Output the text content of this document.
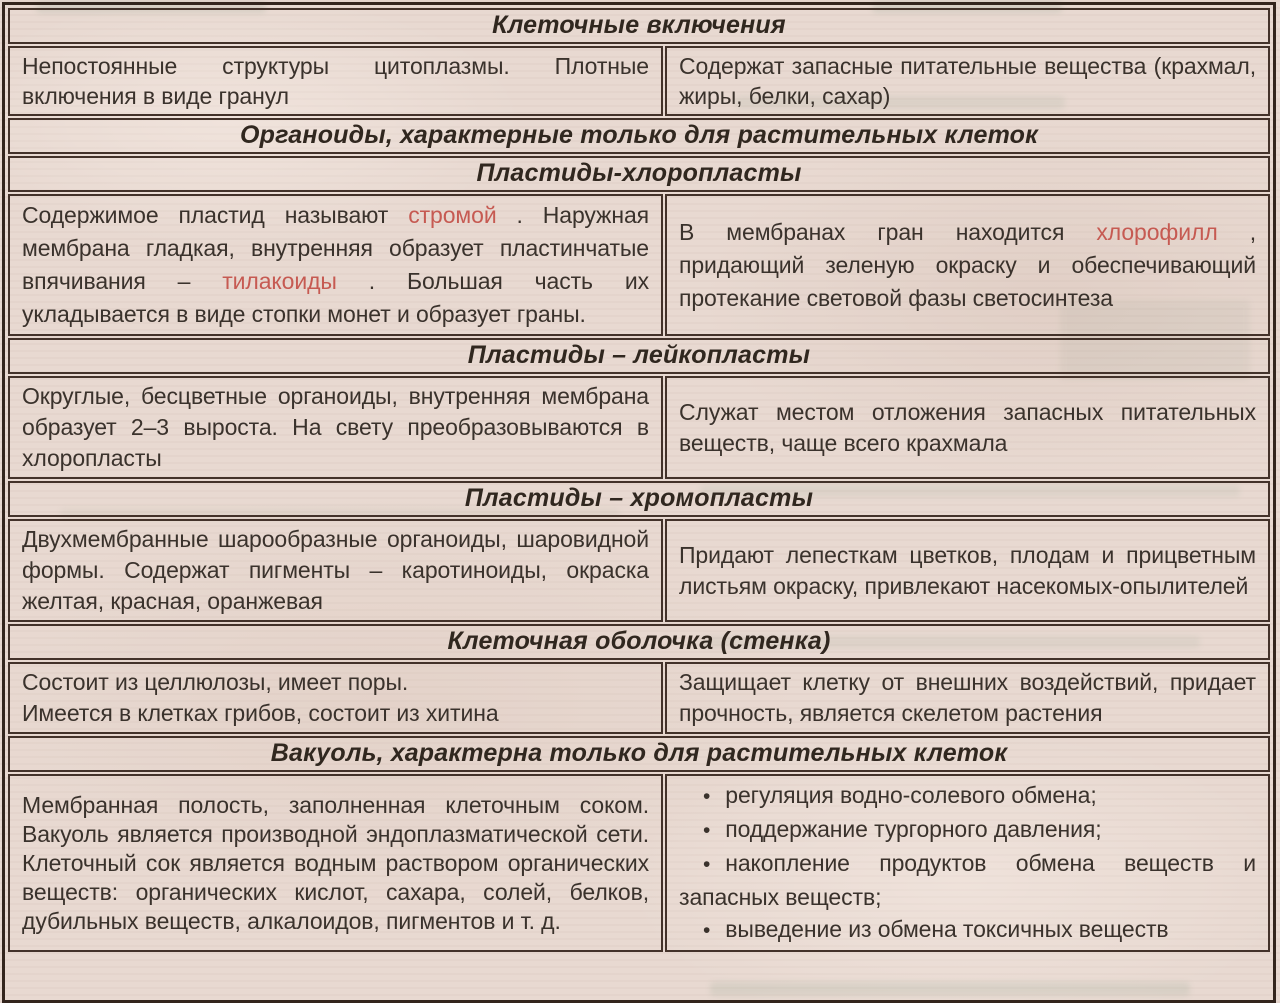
Клеточные включения

Непостоянные структуры цитоплазмы. Плотные включения в виде гранул

Содержат запасные питательные вещества (крахмал, жиры, белки, сахар)

Органоиды, характерные только для растительных клеток
Пластиды-хлоропласты

Содержимое пластид называют стромой . Наружная мембрана гладкая, внутренняя образует пластинчатые впячивания – тилакоиды . Большая часть их укладывается в виде стопки монет и образует граны.

В мембранах гран находится хлорофилл , придающий зеленую окраску и обеспечивающий протекание световой фазы светосинтеза

Пластиды – лейкопласты

Округлые, бесцветные органоиды, внутренняя мембрана образует 2–3 выроста. На свету преобразовываются в хлоропласты

Служат местом отложения запасных питательных веществ, чаще всего крахмала

Пластиды – хромопласты

Двухмембранные шарообразные органоиды, шаровидной формы. Содержат пигменты – каротиноиды, окраска желтая, красная, оранжевая

Придают лепесткам цветков, плодам и прицветным листьям окраску, привлекают насекомых-опылителей

Клеточная оболочка (стенка)

Состоит из целлюлозы, имеет поры.

Имеется в клетках грибов, состоит из хитина

Защищает клетку от внешних воздействий, придает прочность, является скелетом растения

Вакуоль, характерна только для растительных клеток

Мембранная полость, заполненная клеточным соком. Вакуоль является производной эндоплазматической сети. Клеточный сок является водным раствором органических веществ: органических кислот, сахара, солей, белков, дубильных веществ, алкалоидов, пигментов и т. д.

• регуляция водно-солевого обмена;
• поддержание тургорного давления;
• накопление продуктов обмена веществ и запасных веществ;
• выведение из обмена токсичных веществ
